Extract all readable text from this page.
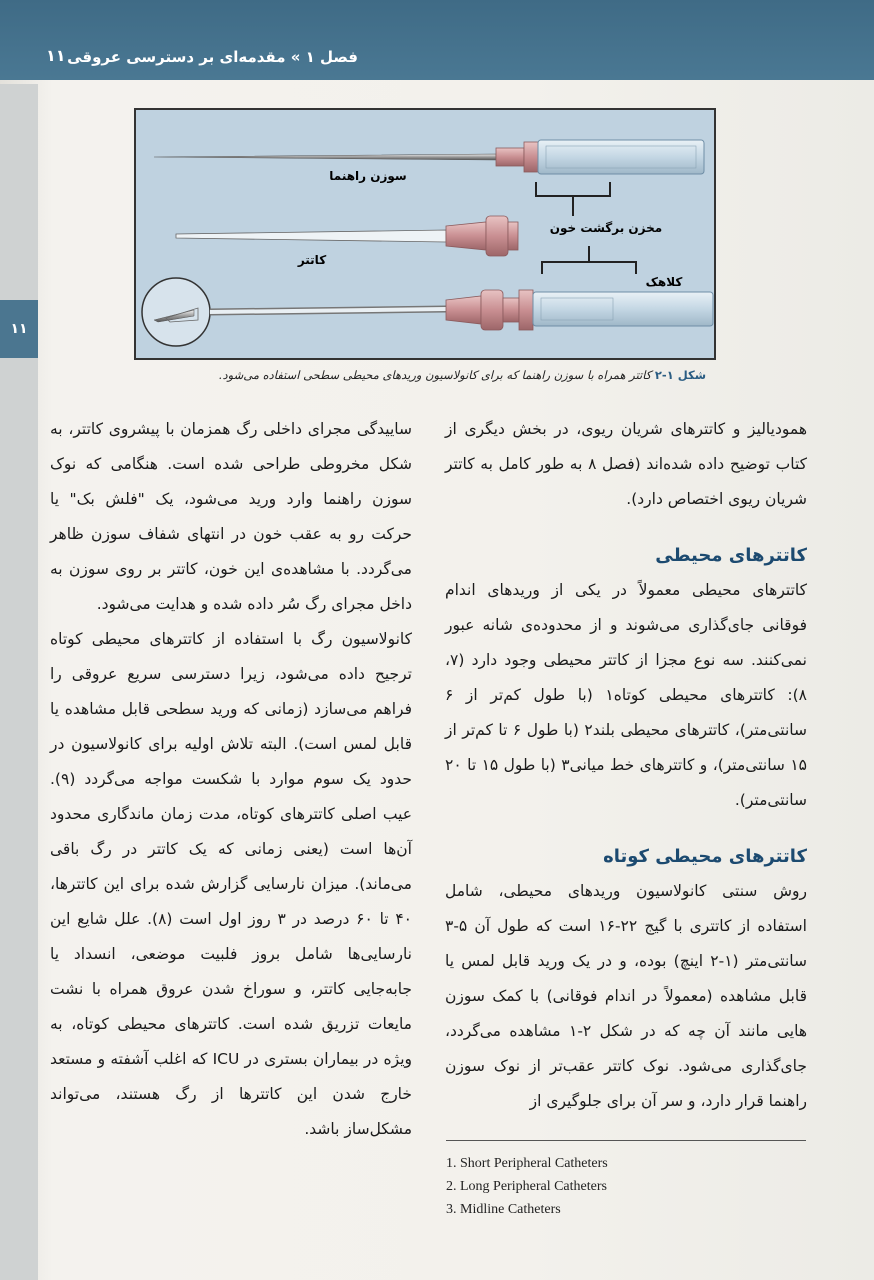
فصل ۱ » مقدمه‌ای بر دسترسی عروقی
۱۱
۱۱
سوزن راهنما
مخزن برگشت خون
کاتتر
کلاهک
شکل ۱-۲ کاتتر همراه با سوزن راهنما که برای کانولاسیون وریدهای محیطی سطحی استفاده می‌شود.

همودیالیز و کاتترهای شریان ریوی، در بخش دیگری از کتاب توضیح داده شده‌اند (فصل ۸ به طور کامل به کاتتر شریان ریوی اختصاص دارد).

کاتترهای محیطی

کاتترهای محیطی معمولاً در یکی از وریدهای اندام فوقانی جای‌گذاری می‌شوند و از محدوده‌ی شانه عبور نمی‌کنند. سه نوع مجزا از کاتتر محیطی وجود دارد (۷، ۸): کاتترهای محیطی کوتاه۱ (با طول کم‌تر از ۶ سانتی‌متر)، کاتترهای محیطی بلند۲ (با طول ۶ تا کم‌تر از ۱۵ سانتی‌متر)، و کاتترهای خط میانی۳ (با طول ۱۵ تا ۲۰ سانتی‌متر).

کاتترهای محیطی کوتاه

روش سنتی کانولاسیون وریدهای محیطی، شامل استفاده از کاتتری با گیج ۲۲-۱۶ است که طول آن ۵-۳ سانتی‌متر (۱-۲ اینچ) بوده، و در یک ورید قابل لمس یا قابل مشاهده (معمولاً در اندام فوقانی) با کمک سوزن هایی مانند آن چه که در شکل ۲-۱ مشاهده می‌گردد، جای‌گذاری می‌شود. نوک کاتتر عقب‌تر از نوک سوزن راهنما قرار دارد، و سر آن برای جلوگیری از

1. Short Peripheral Catheters
2. Long Peripheral Catheters
3. Midline Catheters

ساییدگی مجرای داخلی رگ همزمان با پیشروی کاتتر، به شکل مخروطی طراحی شده است. هنگامی که نوک سوزن راهنما وارد ورید می‌شود، یک "فلش بک" یا حرکت رو به عقب خون در انتهای شفاف سوزن ظاهر می‌گردد. با مشاهده‌ی این خون، کاتتر بر روی سوزن به داخل مجرای رگ سُر داده شده و هدایت می‌شود.

کانولاسیون رگ با استفاده از کاتترهای محیطی کوتاه ترجیح داده می‌شود، زیرا دسترسی سریع عروقی را فراهم می‌سازد (زمانی که ورید سطحی قابل مشاهده یا قابل لمس است). البته تلاش اولیه برای کانولاسیون در حدود یک سوم موارد با شکست مواجه می‌گردد (۹). عیب اصلی کاتترهای کوتاه، مدت زمان ماندگاری محدود آن‌ها است (یعنی زمانی که یک کاتتر در رگ باقی می‌ماند). میزان نارسایی گزارش شده برای این کاتترها، ۴۰ تا ۶۰ درصد در ۳ روز اول است (۸). علل شایع این نارسایی‌ها شامل بروز فلبیت موضعی، انسداد یا جابه‌جایی کاتتر، و سوراخ شدن عروق همراه با نشت مایعات تزریق شده است. کاتترهای محیطی کوتاه، به ویژه در بیماران بستری در ICU که اغلب آشفته و مستعد خارج شدن این کاتترها از رگ هستند، می‌تواند مشکل‌ساز باشد.
